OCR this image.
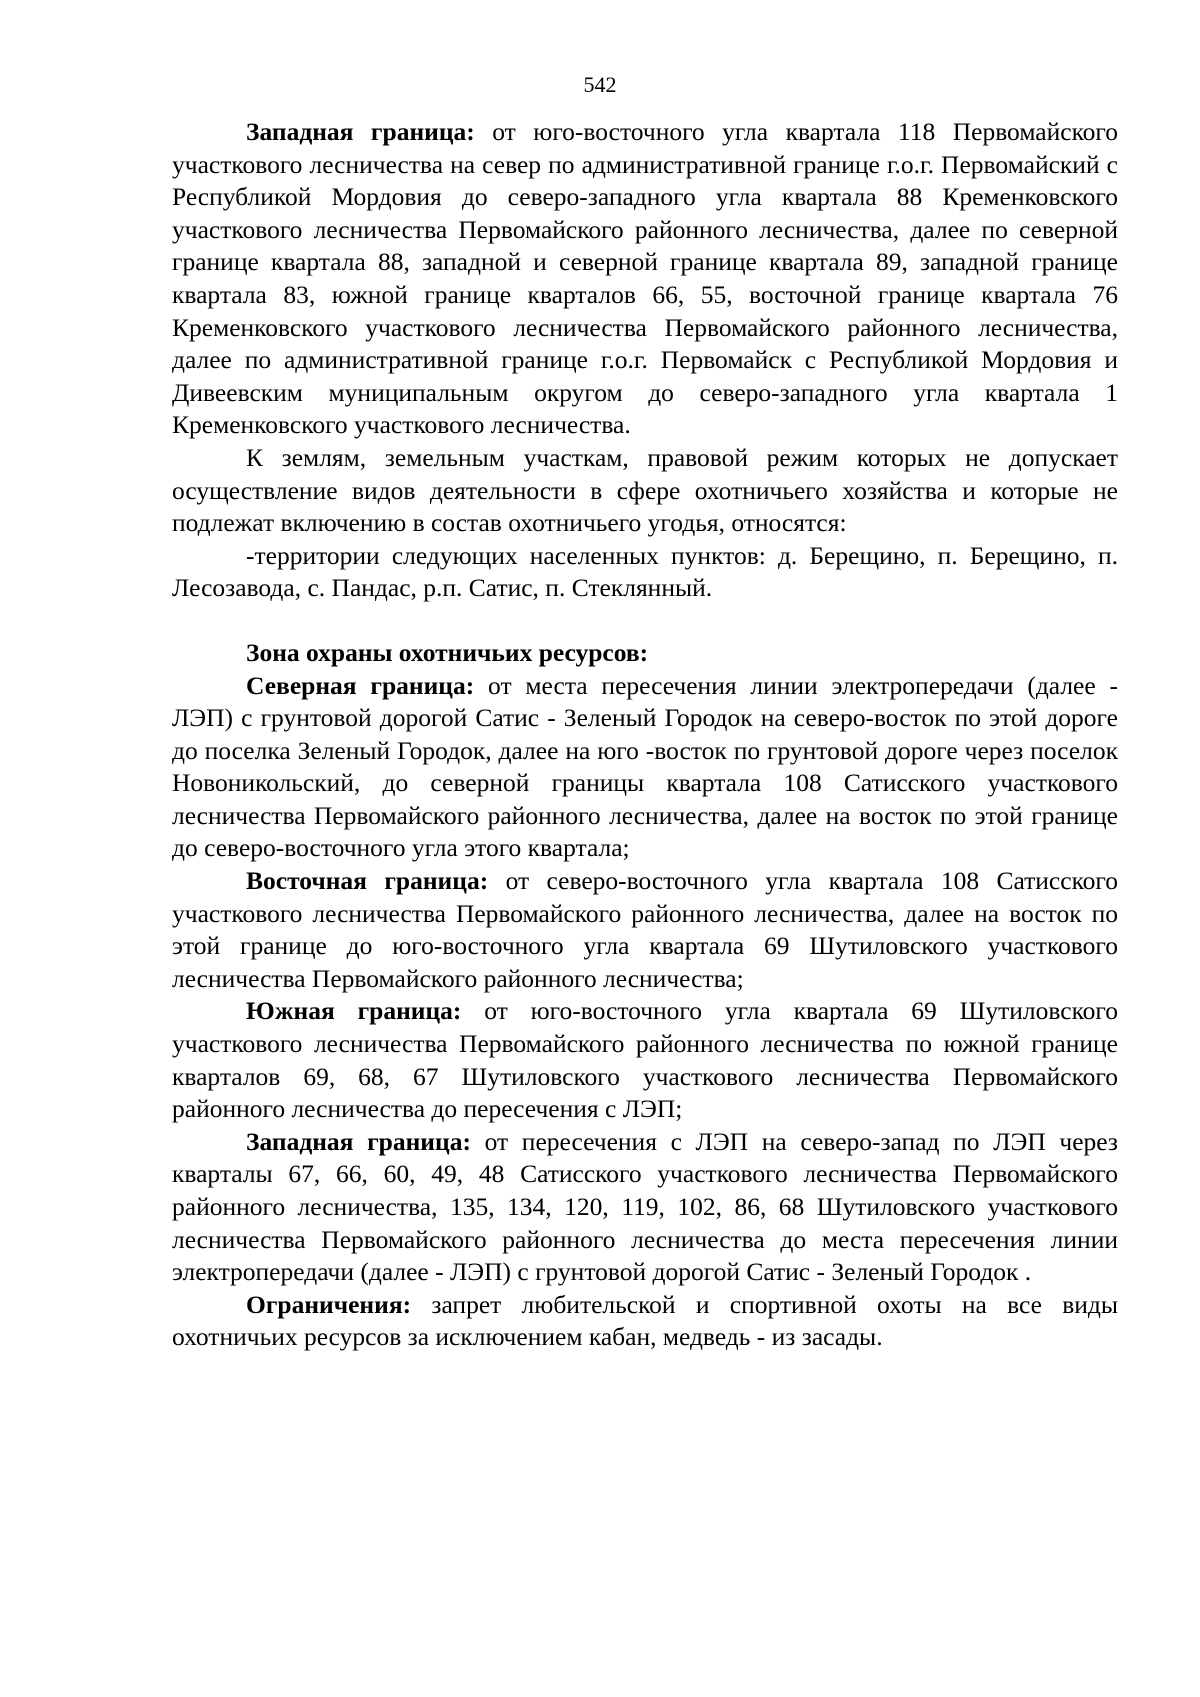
542

Западная граница: от юго-восточного угла квартала 118 Первомайского участкового лесничества на север по административной границе г.о.г. Первомайский с Республикой Мордовия до северо-западного угла квартала 88 Кременковского участкового лесничества Первомайского районного лесничества, далее по северной границе квартала 88, западной и северной границе квартала 89, западной границе квартала 83, южной границе кварталов 66, 55, восточной границе квартала 76 Кременковского участкового лесничества Первомайского районного лесничества, далее по административной границе г.о.г. Первомайск с Республикой Мордовия и Дивеевским муниципальным округом до северо-западного угла квартала 1 Кременковского участкового лесничества.

К землям, земельным участкам, правовой режим которых не допускает осуществление видов деятельности в сфере охотничьего хозяйства и которые не подлежат включению в состав охотничьего угодья, относятся:

-территории следующих населенных пунктов: д. Берещино, п. Берещино, п. Лесозавода, с. Пандас, р.п. Сатис, п. Стеклянный.

Зона охраны охотничьих ресурсов:

Северная граница: от места пересечения линии электропередачи (далее - ЛЭП) с грунтовой дорогой Сатис - Зеленый Городок на северо-восток по этой дороге до поселка Зеленый Городок, далее на юго -восток по грунтовой дороге через поселок Новоникольский, до северной границы квартала 108 Сатисского участкового лесничества Первомайского районного лесничества, далее на восток по этой границе до северо-восточного угла этого квартала;

Восточная граница: от северо-восточного угла квартала 108 Сатисского участкового лесничества Первомайского районного лесничества, далее на восток по этой границе до юго-восточного угла квартала 69 Шутиловского участкового лесничества Первомайского районного лесничества;

Южная граница: от юго-восточного угла квартала 69 Шутиловского участкового лесничества Первомайского районного лесничества по южной границе кварталов 69, 68, 67 Шутиловского участкового лесничества Первомайского районного лесничества до пересечения с ЛЭП;

Западная граница: от пересечения с ЛЭП на северо-запад по ЛЭП через кварталы 67, 66, 60, 49, 48 Сатисского участкового лесничества Первомайского районного лесничества, 135, 134, 120, 119, 102, 86, 68 Шутиловского участкового лесничества Первомайского районного лесничества до места пересечения линии электропередачи (далее - ЛЭП) с грунтовой дорогой Сатис - Зеленый Городок .

Ограничения: запрет любительской и спортивной охоты на все виды охотничьих ресурсов за исключением кабан, медведь - из засады.
